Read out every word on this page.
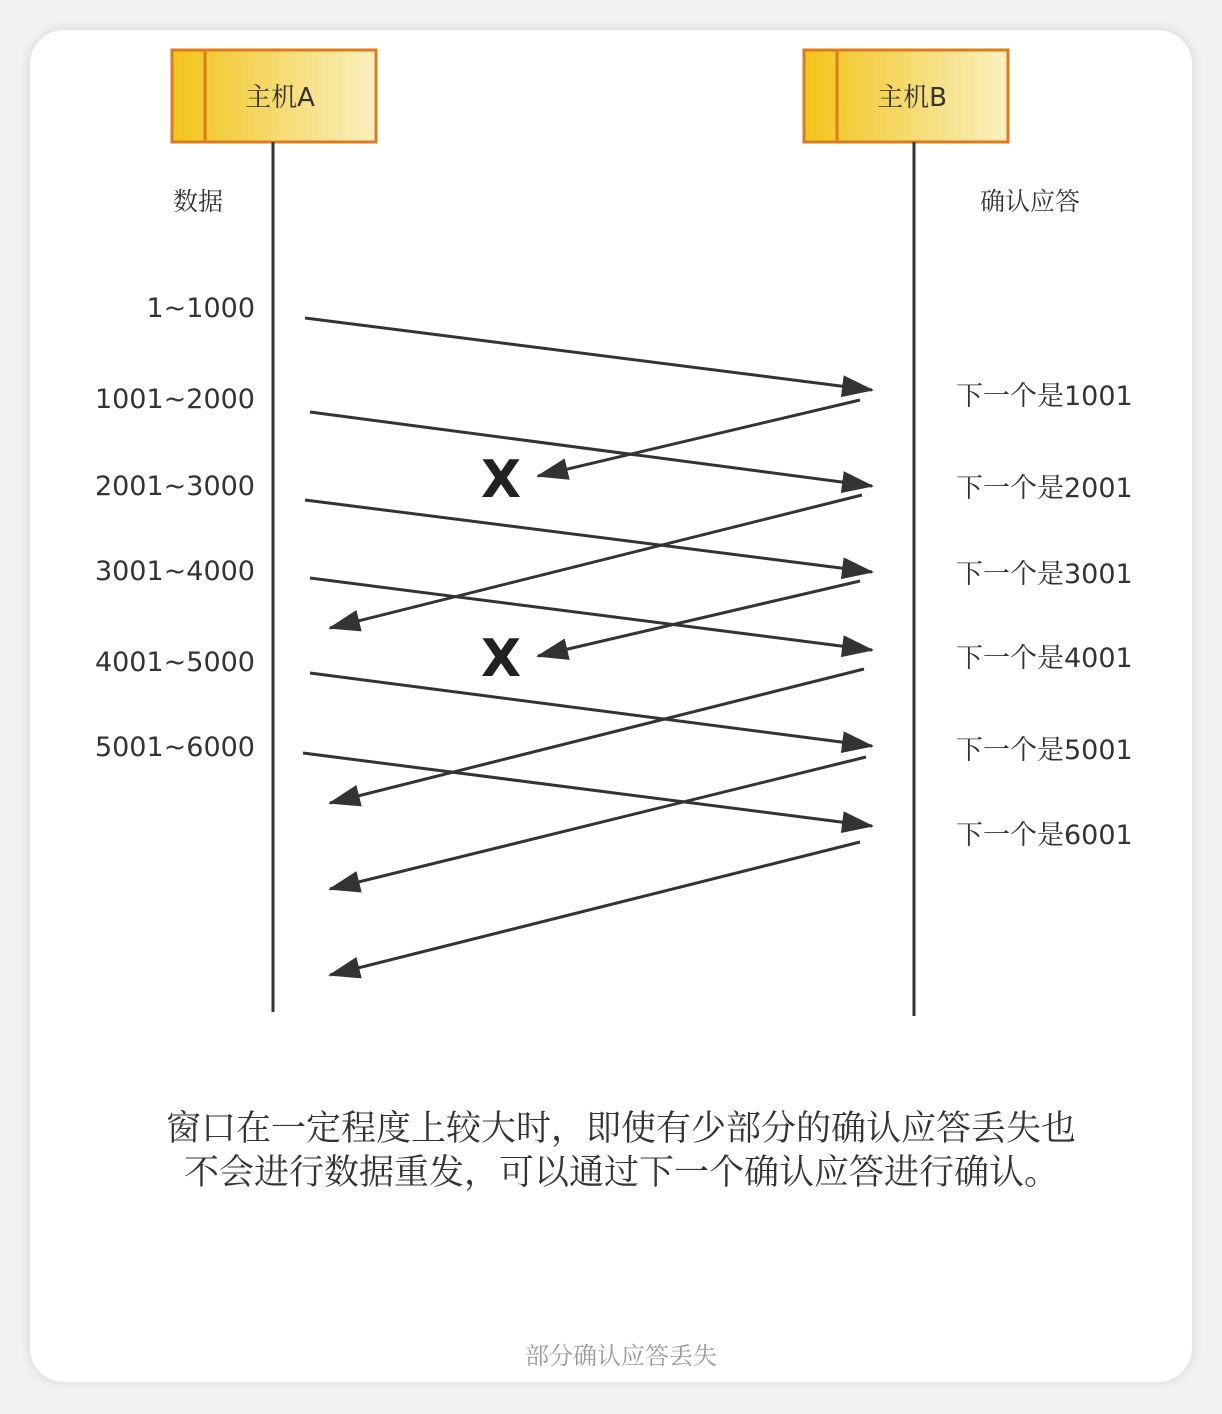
主机A	主机B
数据	确认应答
1~1000
1001~2000
2001~3000
3001~4000
4001~5000
5001~6000
下一个是1001
下一个是2001
下一个是3001
下一个是4001
下一个是5001
下一个是6001
X
X
窗口在一定程度上较大时，即使有少部分的确认应答丢失也
不会进行数据重发，可以通过下一个确认应答进行确认。
部分确认应答丢失
